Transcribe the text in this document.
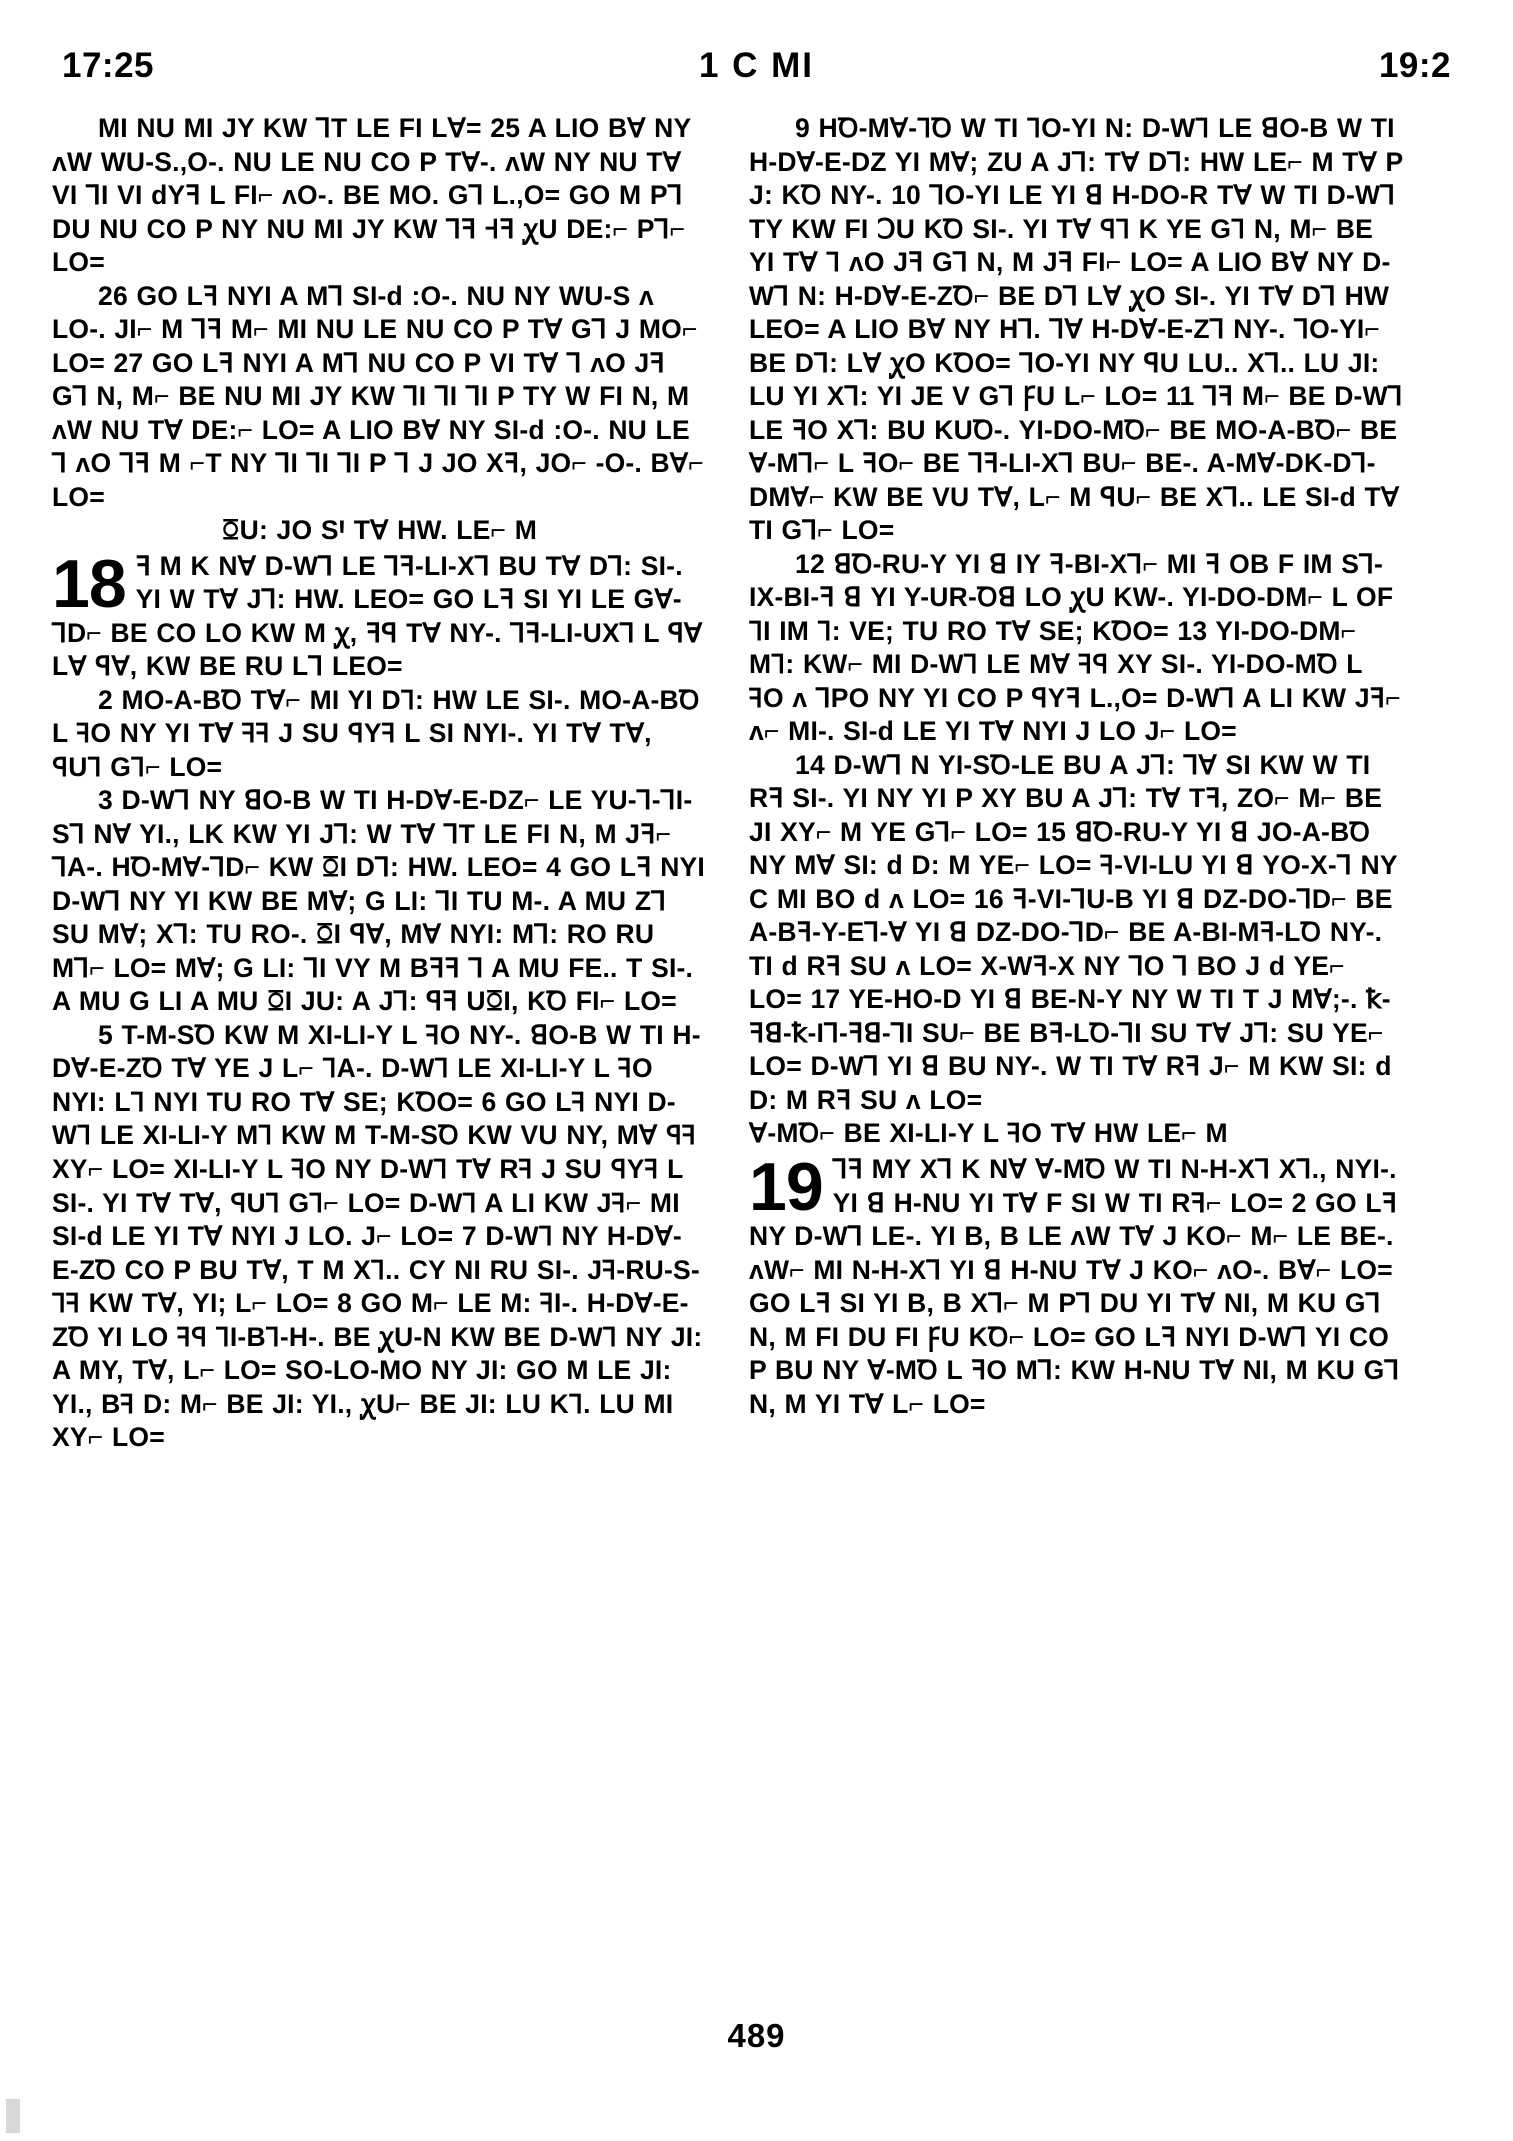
17:25	1 C MI	19:2

MI NU MI JY KW ꞀT LE FI L∀= 25 A LIO B∀ NY ᴧW WU-S.,O-. NU LE NU CO P T∀-. ᴧW NY NU T∀ VI ꞀI VI dYꟻ L FI⌐ ᴧO-. BE MO. GꞀ L.,O= GO M PꞀ DU NU CO P NY NU MI JY KW Ꞁꟻ Ꟶꟻ ꭕU DE:⌐ PꞀ⌐ LO=

26 GO Lꟻ NYI A MꞀ SI-d :O-. NU NY WU-S ᴧ LO-. JI⌐ M Ꞁꟻ M⌐ MI NU LE NU CO P T∀ GꞀ J MO⌐ LO= 27 GO Lꟻ NYI A MꞀ NU CO P VI T∀ Ꞁ ᴧO Jꟻ GꞀ N, M⌐ BE NU MI JY KW ꞀI ꞀI ꞀI P TY W FI N, M ᴧW NU T∀ DE:⌐ LO= A LIO B∀ NY SI-d :O-. NU LE Ꞁ ᴧO Ꞁꟻ M ⌐T NY ꞀI ꞀI ꞀI P Ꞁ J JO Xꟻ, JO⌐ -O-. B∀⌐ LO=

ꗞU: JO SꞋ T∀ HW. LE⌐ M

18 ꟻ M K N∀ D-WꞀ LE Ꞁꟻ-LI-XꞀ BU T∀ DꞀ: SI-. YI W T∀ JꞀ: HW. LEO= GO Lꟻ SI YI LE G∀-ꞀD⌐ BE CO LO KW M ꭕ, ꟻꟼ T∀ NY-. Ꞁꟻ-LI-UXꞀ L ꟼ∀ L∀ ꟼ∀, KW BE RU LꞀ LEO=

2 MO-A-BꝹ T∀⌐ MI YI DꞀ: HW LE SI-. MO-A-BꝹ L ꟻO NY YI T∀ ꟻꟻ J SU ꟼYꟻ L SI NYI-. YI T∀ T∀, ꟼUꞀ GꞀ⌐ LO=

3 D-WꞀ NY ꓭO-B W TI H-D∀-E-DZ⌐ LE YU-Ꞁ-ꞀI-SꞀ N∀ YI., LK KW YI JꞀ: W T∀ ꞀT LE FI N, M Jꟻ⌐ ꞀA-. HꝹ-M∀-ꞀD⌐ KW ꗞI DꞀ: HW. LEO= 4 GO Lꟻ NYI D-WꞀ NY YI KW BE M∀; G LI: ꞀI TU M-. A MU ZꞀ SU M∀; XꞀ: TU RO-. ꗞI ꟼ∀, M∀ NYI: MꞀ: RO RU MꞀ⌐ LO= M∀; G LI: ꞀI VY M Bꟻꟻ Ꞁ A MU FE.. T SI-. A MU G LI A MU ꗞI JU: A JꞀ: ꟼꟻ UꗞI, KꝹ FI⌐ LO=

5 T-M-SꝹ KW M XI-LI-Y L ꟻO NY-. ꓭO-B W TI H-D∀-E-ZꝹ T∀ YE J L⌐ ꞀA-. D-WꞀ LE XI-LI-Y L ꟻO NYI: LꞀ NYI TU RO T∀ SE; KꝹO= 6 GO Lꟻ NYI D-WꞀ LE XI-LI-Y MꞀ KW M T-M-SꝹ KW VU NY, M∀ ꟼꟻ XY⌐ LO= XI-LI-Y L ꟻO NY D-WꞀ T∀ Rꟻ J SU ꟼYꟻ L SI-. YI T∀ T∀, ꟼUꞀ GꞀ⌐ LO= D-WꞀ A LI KW Jꟻ⌐ MI SI-d LE YI T∀ NYI J LO. J⌐ LO= 7 D-WꞀ NY H-D∀-E-ZꝹ CO P BU T∀, T M XꞀ.. CY NI RU SI-. Jꟻ-RU-S-Ꞁꟻ KW T∀, YI; L⌐ LO= 8 GO M⌐ LE M: ꟻI-. H-D∀-E-ZꝹ YI LO ꟻꟼ ꞀI-BꞀ-H-. BE ꭕU-N KW BE D-WꞀ NY JI: A MY, T∀, L⌐ LO= SO-LO-MO NY JI: GO M LE JI: YI., Bꟻ D: M⌐ BE JI: YI., ꭕU⌐ BE JI: LU KꞀ. LU MI XY⌐ LO=

9 HꝹ-M∀-ꞀꝹ W TI ꞀO-YI N: D-WꞀ LE ꓭO-B W TI H-D∀-E-DZ YI M∀; ZU A JꞀ: T∀ DꞀ: HW LE⌐ M T∀ P J: KꝹ NY-. 10 ꞀO-YI LE YI ꓭ H-DO-R T∀ W TI D-WꞀ TY KW FI ꓛU KꝹ SI-. YI T∀ ꟼꞀ K YE GꞀ N, M⌐ BE YI T∀ Ꞁ ᴧO Jꟻ GꞀ N, M Jꟻ FI⌐ LO= A LIO B∀ NY D-WꞀ N: H-D∀-E-ZꝹ⌐ BE DꞀ L∀ ꭕO SI-. YI T∀ DꞀ HW LEO= A LIO B∀ NY HꞀ. Ꞁ∀ H-D∀-E-ZꞀ NY-. ꞀO-YI⌐ BE DꞀ: L∀ ꭕO KꝹO= ꞀO-YI NY ꟼU LU.. XꞀ.. LU JI: LU YI XꞀ: YI JE V GꞀ ꝻU L⌐ LO= 11 Ꞁꟻ M⌐ BE D-WꞀ LE ꟻO XꞀ: BU KUꝹ-. YI-DO-MꝹ⌐ BE MO-A-BꝹ⌐ BE ∀-MꞀ⌐ L ꟻO⌐ BE Ꞁꟻ-LI-XꞀ BU⌐ BE-. A-M∀-DK-DꞀ-DM∀⌐ KW BE VU T∀, L⌐ M ꟼU⌐ BE XꞀ.. LE SI-d T∀ TI GꞀ⌐ LO=

12 ꓭꝹ-RU-Y YI ꓭ IY ꟻ-BI-XꞀ⌐ MI ꟻ OB F IM SꞀ-IX-BI-ꟻ ꓭ YI Y-UR-Ꝺꓭ LO ꭕU KW-. YI-DO-DM⌐ L OF ꞀI IM Ꞁ: VE; TU RO T∀ SE; KꝹO= 13 YI-DO-DM⌐ MꞀ: KW⌐ MI D-WꞀ LE M∀ ꟻꟼ XY SI-. YI-DO-MꝹ L ꟻO ᴧ ꞀPO NY YI CO P ꟼYꟻ L.,O= D-WꞀ A LI KW Jꟻ⌐ ᴧ⌐ MI-. SI-d LE YI T∀ NYI J LO J⌐ LO=

14 D-WꞀ N YI-SꝹ-LE BU A JꞀ: Ꞁ∀ SI KW W TI Rꟻ SI-. YI NY YI P XY BU A JꞀ: T∀ Tꟻ, ZO⌐ M⌐ BE JI XY⌐ M YE GꞀ⌐ LO= 15 ꓭꝹ-RU-Y YI ꓭ JO-A-BꝹ NY M∀ SI: d D: M YE⌐ LO= ꟻ-VI-LU YI ꓭ YO-X-Ꞁ NY C MI BO d ᴧ LO= 16 ꟻ-VI-ꞀU-B YI ꓭ DZ-DO-ꞀD⌐ BE A-Bꟻ-Y-EꞀ-∀ YI ꓭ DZ-DO-ꞀD⌐ BE A-BI-Mꟻ-LꝹ NY-. TI d Rꟻ SU ᴧ LO= X-Wꟻ-X NY ꞀO Ꞁ BO J d YE⌐ LO= 17 YE-HO-D YI ꓭ BE-N-Y NY W TI T J M∀;-. ꝁ-ꟻꓭ-ꝁ-IꞀ-ꟻꓭ-ꞀI SU⌐ BE Bꟻ-LꝹ-ꞀI SU T∀ JꞀ: SU YE⌐ LO= D-WꞀ YI ꓭ BU NY-. W TI T∀ Rꟻ J⌐ M KW SI: d D: M Rꟻ SU ᴧ LO=

∀-MꝹ⌐ BE XI-LI-Y L ꟻO T∀ HW LE⌐ M

19 Ꞁꟻ MY XꞀ K N∀ ∀-MꝹ W TI N-H-XꞀ XꞀ., NYI-. YI ꓭ H-NU YI T∀ F SI W TI Rꟻ⌐ LO= 2 GO Lꟻ NY D-WꞀ LE-. YI B, B LE ᴧW T∀ J KO⌐ M⌐ LE BE-. ᴧW⌐ MI N-H-XꞀ YI ꓭ H-NU T∀ J KO⌐ ᴧO-. B∀⌐ LO= GO Lꟻ SI YI B, B XꞀ⌐ M PꞀ DU YI T∀ NI, M KU GꞀ N, M FI DU FI ꝻU KꝹ⌐ LO= GO Lꟻ NYI D-WꞀ YI CO P BU NY ∀-MꝹ L ꟻO MꞀ: KW H-NU T∀ NI, M KU GꞀ N, M YI T∀ L⌐ LO=
489
